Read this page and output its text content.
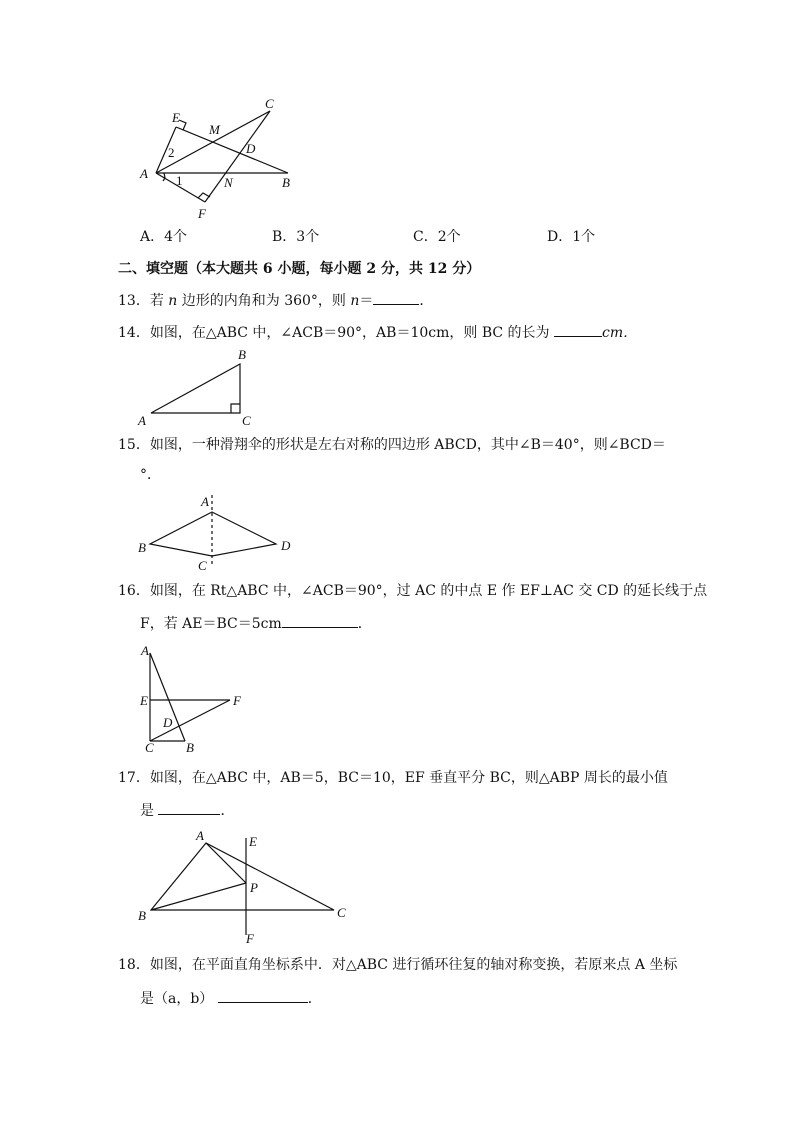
E
M
C
2	D
A 1	N	B
F
A．4个	B．3个	C．2个	D．1个
二、填空题（本大题共 6 小题，每小题 2 分，共 12 分）
13．若 n 边形的内角和为 360°，则 n＝	．
14．如图，在△ABC 中，∠ACB＝90°，AB＝10cm，则 BC 的长为	cm．
B
A	C
15．如图，一种滑翔伞的形状是左右对称的四边形 ABCD，其中∠B＝40°，则∠BCD＝
°．
A
B
C
D
16．如图，在 Rt△ABC 中，∠ACB＝90°，过 AC 的中点 E 作 EF⊥AC 交 CD 的延长线于点
F，若 AE＝BC＝5cm	．
A
E	F
D
C B
17．如图，在△ABC 中，AB＝5，BC＝10，EF 垂直平分 BC，则△ABP 周长的最小值
是	．
A	E
P
B	C
F
18．如图，在平面直角坐标系中．对△ABC 进行循环往复的轴对称变换，若原来点 A 坐标
是（a，b）	．
